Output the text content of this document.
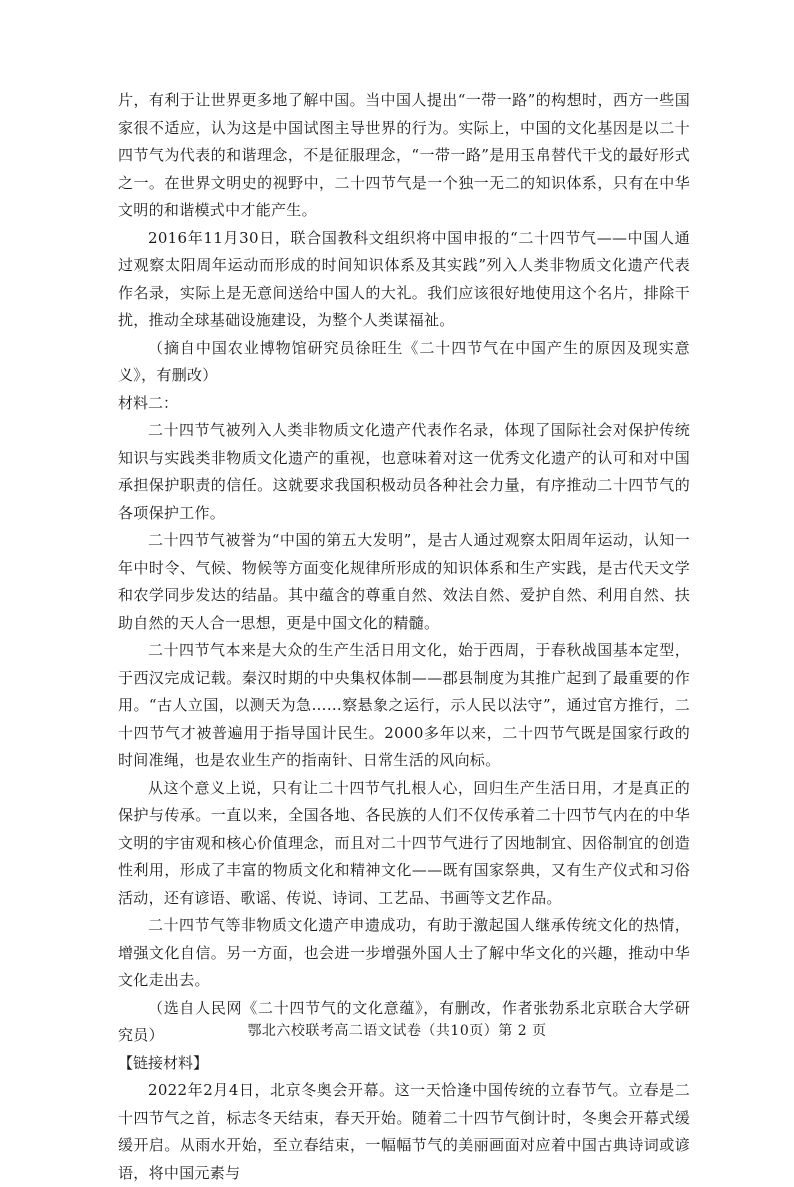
片，有利于让世界更多地了解中国。当中国人提出“一带一路”的构想时，西方一些国家很不适应，认为这是中国试图主导世界的行为。实际上，中国的文化基因是以二十四节气为代表的和谐理念，不是征服理念，“一带一路”是用玉帛替代干戈的最好形式之一。在世界文明史的视野中，二十四节气是一个独一无二的知识体系，只有在中华文明的和谐模式中才能产生。

2016年11月30日，联合国教科文组织将中国申报的“二十四节气——中国人通过观察太阳周年运动而形成的时间知识体系及其实践”列入人类非物质文化遗产代表作名录，实际上是无意间送给中国人的大礼。我们应该很好地使用这个名片，排除干扰，推动全球基础设施建设，为整个人类谋福祉。

（摘自中国农业博物馆研究员徐旺生《二十四节气在中国产生的原因及现实意义》，有删改）

材料二：

二十四节气被列入人类非物质文化遗产代表作名录，体现了国际社会对保护传统知识与实践类非物质文化遗产的重视，也意味着对这一优秀文化遗产的认可和对中国承担保护职责的信任。这就要求我国积极动员各种社会力量，有序推动二十四节气的各项保护工作。

二十四节气被誉为“中国的第五大发明”，是古人通过观察太阳周年运动，认知一年中时令、气候、物候等方面变化规律所形成的知识体系和生产实践，是古代天文学和农学同步发达的结晶。其中蕴含的尊重自然、效法自然、爱护自然、利用自然、扶助自然的天人合一思想，更是中国文化的精髓。

二十四节气本来是大众的生产生活日用文化，始于西周，于春秋战国基本定型，于西汉完成记载。秦汉时期的中央集权体制——郡县制度为其推广起到了最重要的作用。“古人立国，以测天为急……察悬象之运行，示人民以法守”，通过官方推行，二十四节气才被普遍用于指导国计民生。2000多年以来，二十四节气既是国家行政的时间准绳，也是农业生产的指南针、日常生活的风向标。

从这个意义上说，只有让二十四节气扎根人心，回归生产生活日用，才是真正的保护与传承。一直以来，全国各地、各民族的人们不仅传承着二十四节气内在的中华文明的宇宙观和核心价值理念，而且对二十四节气进行了因地制宜、因俗制宜的创造性利用，形成了丰富的物质文化和精神文化——既有国家祭典，又有生产仪式和习俗活动，还有谚语、歌谣、传说、诗词、工艺品、书画等文艺作品。

二十四节气等非物质文化遗产申遗成功，有助于激起国人继承传统文化的热情，增强文化自信。另一方面，也会进一步增强外国人士了解中华文化的兴趣，推动中华文化走出去。

（选自人民网《二十四节气的文化意蕴》，有删改，作者张勃系北京联合大学研究员）

【链接材料】

2022年2月4日，北京冬奥会开幕。这一天恰逢中国传统的立春节气。立春是二十四节气之首，标志冬天结束，春天开始。随着二十四节气倒计时，冬奥会开幕式缓缓开启。从雨水开始，至立春结束，一幅幅节气的美丽画面对应着中国古典诗词或谚语，将中国元素与

鄂北六校联考高二语文试卷（共10页）第 2 页
